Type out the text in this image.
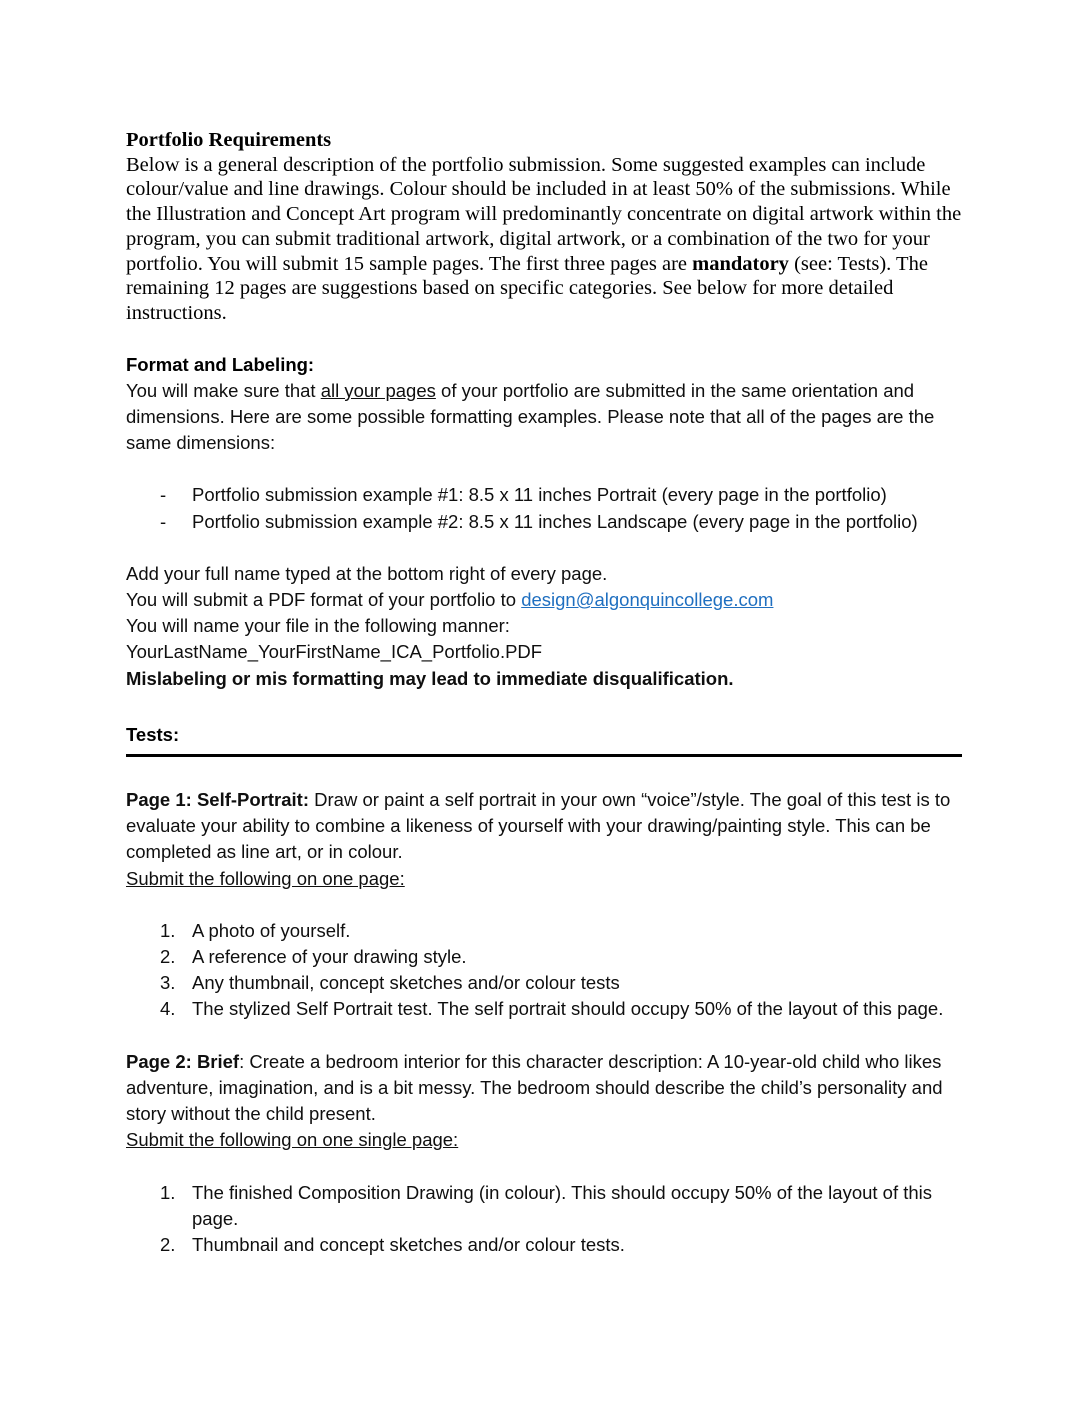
Portfolio Requirements
Below is a general description of the portfolio submission. Some suggested examples can include colour/value and line drawings. Colour should be included in at least 50% of the submissions. While the Illustration and Concept Art program will predominantly concentrate on digital artwork within the program, you can submit traditional artwork, digital artwork, or a combination of the two for your portfolio. You will submit 15 sample pages. The first three pages are mandatory (see: Tests). The remaining 12 pages are suggestions based on specific categories. See below for more detailed instructions.
Format and Labeling:
You will make sure that all your pages of your portfolio are submitted in the same orientation and dimensions. Here are some possible formatting examples. Please note that all of the pages are the same dimensions:
- Portfolio submission example #1: 8.5 x 11 inches Portrait (every page in the portfolio)
- Portfolio submission example #2: 8.5 x 11 inches Landscape (every page in the portfolio)
Add your full name typed at the bottom right of every page.
You will submit a PDF format of your portfolio to design@algonquincollege.com
You will name your file in the following manner:
YourLastName_YourFirstName_ICA_Portfolio.PDF
Mislabeling or mis formatting may lead to immediate disqualification.
Tests:
Page 1: Self-Portrait: Draw or paint a self portrait in your own “voice”/style. The goal of this test is to evaluate your ability to combine a likeness of yourself with your drawing/painting style. This can be completed as line art, or in colour.
Submit the following on one page:
1. A photo of yourself.
2. A reference of your drawing style.
3. Any thumbnail, concept sketches and/or colour tests
4. The stylized Self Portrait test. The self portrait should occupy 50% of the layout of this page.
Page 2: Brief: Create a bedroom interior for this character description: A 10-year-old child who likes adventure, imagination, and is a bit messy. The bedroom should describe the child’s personality and story without the child present.
Submit the following on one single page:
1. The finished Composition Drawing (in colour). This should occupy 50% of the layout of this page.
2. Thumbnail and concept sketches and/or colour tests.
